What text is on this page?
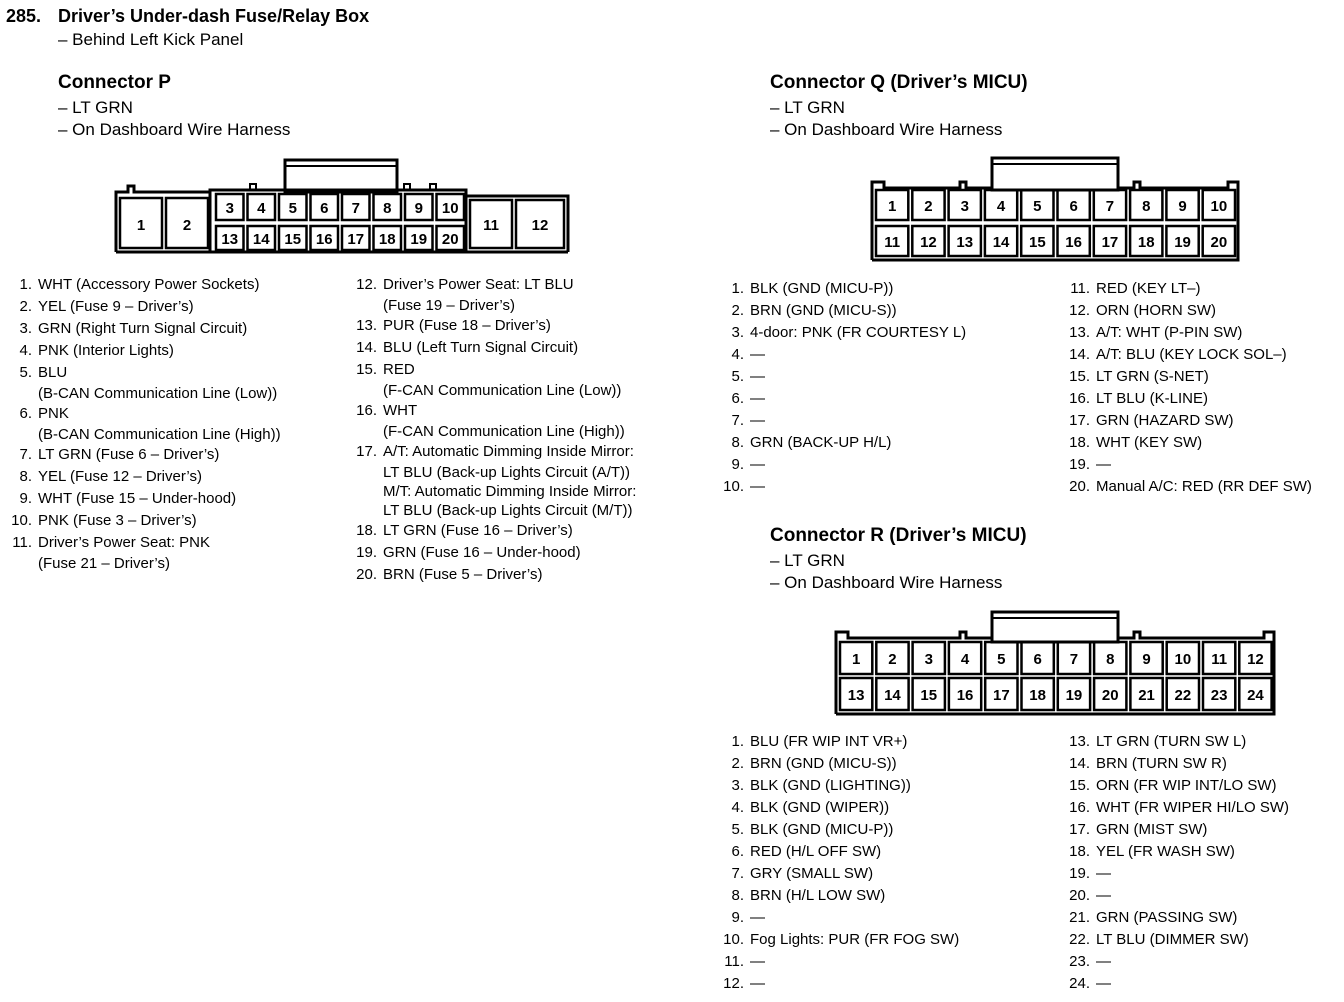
285. Driver’s Under-dash Fuse/Relay Box
– Behind Left Kick Panel
Connector P
– LT GRN
– On Dashboard Wire Harness
1	2	11 12
3
13
4
14
5
15
6
16
7
17
8
18
9
19
10
20
1. WHT (Accessory Power Sockets)
2. YEL (Fuse 9 – Driver’s)
3. GRN (Right Turn Signal Circuit)
4. PNK (Interior Lights)
5. BLU
(B-CAN Communication Line (Low))
6. PNK
(B-CAN Communication Line (High))
7. LT GRN (Fuse 6 – Driver’s)
8. YEL (Fuse 12 – Driver’s)
9. WHT (Fuse 15 – Under-hood)
10. PNK (Fuse 3 – Driver’s)
11. Driver’s Power Seat: PNK
(Fuse 21 – Driver’s)
12. Driver’s Power Seat: LT BLU
(Fuse 19 – Driver’s)
13. PUR (Fuse 18 – Driver’s)
14. BLU (Left Turn Signal Circuit)
15. RED
(F-CAN Communication Line (Low))
16. WHT
(F-CAN Communication Line (High))
17. A/T: Automatic Dimming Inside Mirror:
LT BLU (Back-up Lights Circuit (A/T))
M/T: Automatic Dimming Inside Mirror:
LT BLU (Back-up Lights Circuit (M/T))
18. LT GRN (Fuse 16 – Driver’s)
19. GRN (Fuse 16 – Under-hood)
20. BRN (Fuse 5 – Driver’s)
Connector Q (Driver’s MICU)
– LT GRN
– On Dashboard Wire Harness
1 2 3 4 5 6 7 8 9 10
11 12 13 14 15 16 17 18 19 20
1. BLK (GND (MICU-P))
2. BRN (GND (MICU-S))
3. 4-door: PNK (FR COURTESY L)
4. —
5. —
6. —
7. —
8. GRN (BACK-UP H/L)
9. —
10. —
11. RED (KEY LT–)
12. ORN (HORN SW)
13. A/T: WHT (P-PIN SW)
14. A/T: BLU (KEY LOCK SOL–)
15. LT GRN (S-NET)
16. LT BLU (K-LINE)
17. GRN (HAZARD SW)
18. WHT (KEY SW)
19. —
20. Manual A/C: RED (RR DEF SW)
Connector R (Driver’s MICU)
– LT GRN
– On Dashboard Wire Harness
1 2 3 4 5 6 7 8 9 10 11 12
13 14 15 16 17 18 19 20 21 22 23 24
1. BLU (FR WIP INT VR+)
2. BRN (GND (MICU-S))
3. BLK (GND (LIGHTING))
4. BLK (GND (WIPER))
5. BLK (GND (MICU-P))
6. RED (H/L OFF SW)
7. GRY (SMALL SW)
8. BRN (H/L LOW SW)
9. —
10. Fog Lights: PUR (FR FOG SW)
11. —
12. —
13. LT GRN (TURN SW L)
14. BRN (TURN SW R)
15. ORN (FR WIP INT/LO SW)
16. WHT (FR WIPER HI/LO SW)
17. GRN (MIST SW)
18. YEL (FR WASH SW)
19. —
20. —
21. GRN (PASSING SW)
22. LT BLU (DIMMER SW)
23. —
24. —
